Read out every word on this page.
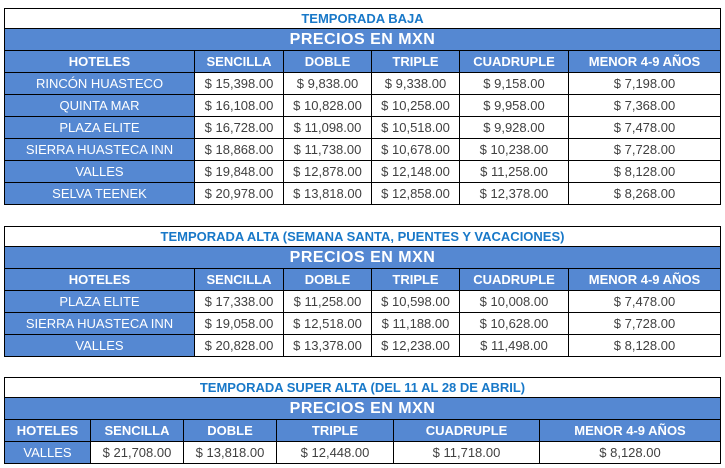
TEMPORADA BAJA					
PRECIOS EN MXN					
HOTELES	SENCILLA	DOBLE	TRIPLE	CUADRUPLE	MENOR 4-9 AÑOS
RINCÓN HUASTECO	$ 15,398.00	$ 9,838.00	$ 9,338.00	$ 9,158.00	$ 7,198.00
QUINTA MAR	$ 16,108.00	$ 10,828.00	$ 10,258.00	$ 9,958.00	$ 7,368.00
PLAZA ELITE	$ 16,728.00	$ 11,098.00	$ 10,518.00	$ 9,928.00	$ 7,478.00
SIERRA HUASTECA INN	$ 18,868.00	$ 11,738.00	$ 10,678.00	$ 10,238.00	$ 7,728.00
VALLES	$ 19,848.00	$ 12,878.00	$ 12,148.00	$ 11,258.00	$ 8,128.00
SELVA TEENEK	$ 20,978.00	$ 13,818.00	$ 12,858.00	$ 12,378.00	$ 8,268.00
TEMPORADA ALTA (SEMANA SANTA, PUENTES Y VACACIONES)					
PRECIOS EN MXN					
HOTELES	SENCILLA	DOBLE	TRIPLE	CUADRUPLE	MENOR 4-9 AÑOS
PLAZA ELITE	$ 17,338.00	$ 11,258.00	$ 10,598.00	$ 10,008.00	$ 7,478.00
SIERRA HUASTECA INN	$ 19,058.00	$ 12,518.00	$ 11,188.00	$ 10,628.00	$ 7,728.00
VALLES	$ 20,828.00	$ 13,378.00	$ 12,238.00	$ 11,498.00	$ 8,128.00
TEMPORADA SUPER ALTA (DEL 11 AL 28 DE ABRIL)					
PRECIOS EN MXN					
HOTELES	SENCILLA	DOBLE	TRIPLE	CUADRUPLE	MENOR 4-9 AÑOS
VALLES	$ 21,708.00	$ 13,818.00	$ 12,448.00	$ 11,718.00	$ 8,128.00
